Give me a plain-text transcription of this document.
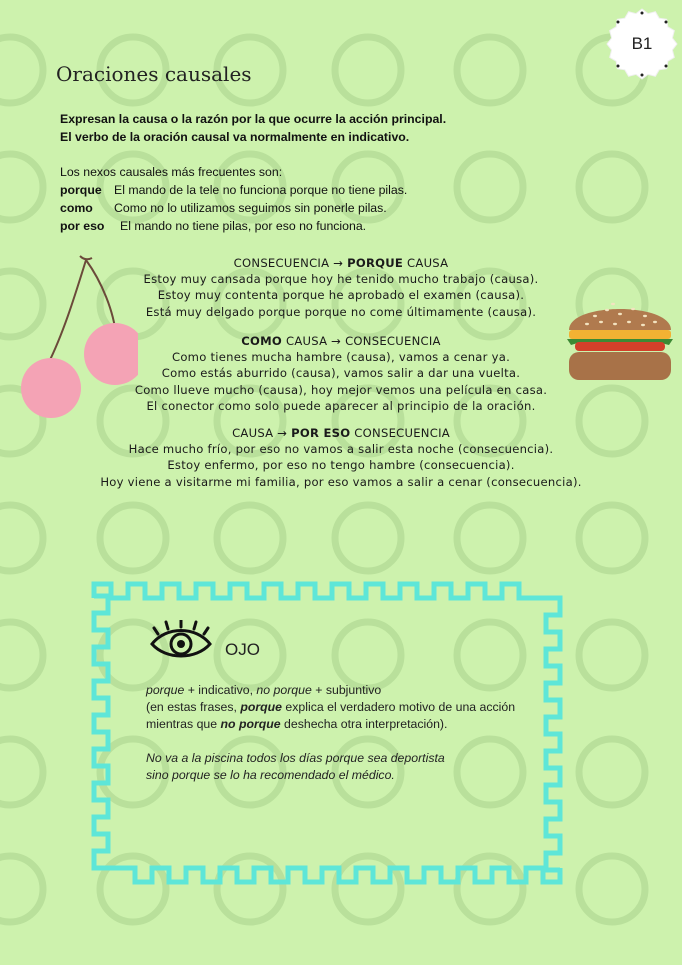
B1
Oraciones causales
Expresan la causa o la razón por la que ocurre la acción principal.
El verbo de la oración causal va normalmente en indicativo.
Los nexos causales más frecuentes son:
porque El mando de la tele no funciona porque no tiene pilas.
como Como no lo utilizamos seguimos sin ponerle pilas.
por eso El mando no tiene pilas, por eso no funciona.
CONSECUENCIA → PORQUE CAUSA
Estoy muy cansada porque hoy he tenido mucho trabajo (causa).
Estoy muy contenta porque he aprobado el examen (causa).
Está muy delgado porque porque no come últimamente (causa).
COMO CAUSA → CONSECUENCIA
Como tienes mucha hambre (causa), vamos a cenar ya.
Como estás aburrido (causa), vamos salir a dar una vuelta.
Como llueve mucho (causa), hoy mejor vemos una película en casa.
El conector como solo puede aparecer al principio de la oración.
CAUSA → POR ESO CONSECUENCIA
Hace mucho frío, por eso no vamos a salir esta noche (consecuencia).
Estoy enfermo, por eso no tengo hambre (consecuencia).
Hoy viene a visitarme mi familia, por eso vamos a salir a cenar (consecuencia).
OJO
porque + indicativo, no porque + subjuntivo
(en estas frases, porque explica el verdadero motivo de una acción
mientras que no porque deshecha otra interpretación).
No va a la piscina todos los días porque sea deportista
sino porque se lo ha recomendado el médico.
